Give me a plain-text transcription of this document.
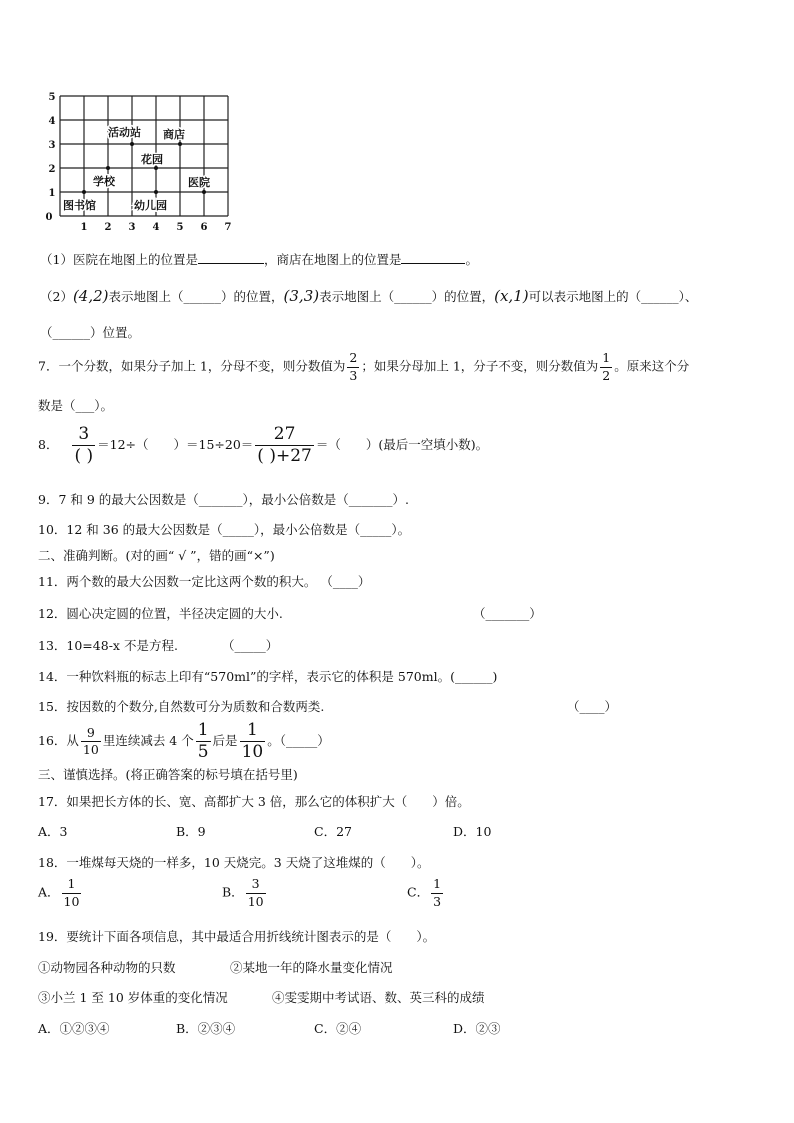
0
1
2
3
4
5
1 2 3 4 5 6 7
活动站 商店
花园
学校	医院
图书馆	幼儿园
（1）医院在地图上的位置是	，商店在地图上的位置是	。
（2）(4,2)表示地图上（______）的位置，(3,3)表示地图上（______）的位置，(x,1)可以表示地图上的（______）、
（______）位置。
7．一个分数，如果分子加上 1，分母不变，则分数值为 $\frac{2}{3}$ ；如果分母加上 1，分子不变，则分数值为 $\frac{1}{2}$ 。原来这个分
数是（___）。
8． $\frac{3}{( )} =12\div$（　　）$=15\div 20= \frac{27}{( )+27}$ ＝（　　）(最后一空填小数)。
9．7 和 9 的最大公因数是（_______），最小公倍数是（_______）.
10．12 和 36 的最大公因数是（_____），最小公倍数是（_____）。
二、准确判断。(对的画“ √ ”，错的画“×”)
11．两个数的最大公因数一定比这两个数的积大。 （____）
12．圆心决定圆的位置，半径决定圆的大小.	（_______）
13．10=48-x 不是方程.	（_____）
14．一种饮料瓶的标志上印有“570ml”的字样，表示它的体积是 570ml。(______)
15．按因数的个数分,自然数可分为质数和合数两类.	（____）
16．从 $\frac{9}{10}$ 里连续减去 4 个 $\frac{1}{5}$ 后是 $\frac{1}{10}$ 。（_____）
三、谨慎选择。(将正确答案的标号填在括号里)
17．如果把长方体的长、宽、高都扩大 3 倍，那么它的体积扩大（　　）倍。
A．3	B．9	C．27	D．10
18．一堆煤每天烧的一样多，10 天烧完。3 天烧了这堆煤的（　　）。
A． $\frac{1}{10}$	B． $\frac{3}{10}$	C． $\frac{1}{3}$
19．要统计下面各项信息，其中最适合用折线统计图表示的是（　　）。
①动物园各种动物的只数	②某地一年的降水量变化情况
③小兰 1 至 10 岁体重的变化情况	④雯雯期中考试语、数、英三科的成绩
A．①②③④	B．②③④	C．②④	D．②③
